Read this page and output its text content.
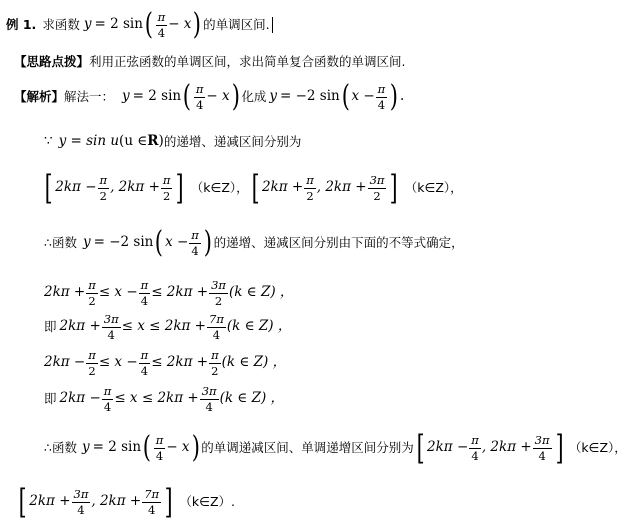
例 1. 求函数 y = 2 sin ( $\frac{\pi}{4} - x$ ) 的单调区间.
【思路点拨】 利用正弦函数的单调区间，求出简单复合函数的单调区间.
【解析】 解法一： y = 2 sin ( $\frac{\pi}{4} - x$ ) 化成 y = −2 sin ( $x - \frac{\pi}{4}$ ) .
∵ y = sin u (u ∈ R ) 的递增、递减区间分别为
[ $2k\pi - \frac{\pi}{2}$ , $2k\pi + \frac{\pi}{2}$ ] （k∈Z）， [ $2k\pi + \frac{\pi}{2}$ , $2k\pi + \frac{3\pi}{2}$ ] （k∈Z），
∴函数 y = −2 sin ( $x - \frac{\pi}{4}$ ) 的递增、递减区间分别由下面的不等式确定，
$2k\pi + \frac{\pi}{2} \le x - \frac{\pi}{4} \le 2k\pi + \frac{3\pi}{2} (k$ ∈ Z) ，
即 $2k\pi + \frac{3\pi}{4} \le x \le 2k\pi + \frac{7\pi}{4} (k$ ∈ Z) ，
$2k\pi - \frac{\pi}{2} \le x - \frac{\pi}{4} \le 2k\pi + \frac{\pi}{2} (k$ ∈ Z) ，
即 $2k\pi - \frac{\pi}{4} \le x \le 2k\pi + \frac{3\pi}{4} (k$ ∈ Z) ，
∴函数 y = 2 sin ( $\frac{\pi}{4} - x$ ) 的单调递减区间、单调递增区间分别为 [ $2k\pi - \frac{\pi}{4}$ , $2k\pi + \frac{3\pi}{4}$ ] （k∈Z），
[ $2k\pi + \frac{3\pi}{4}$ , $2k\pi + \frac{7\pi}{4}$ ] （k∈Z）.
